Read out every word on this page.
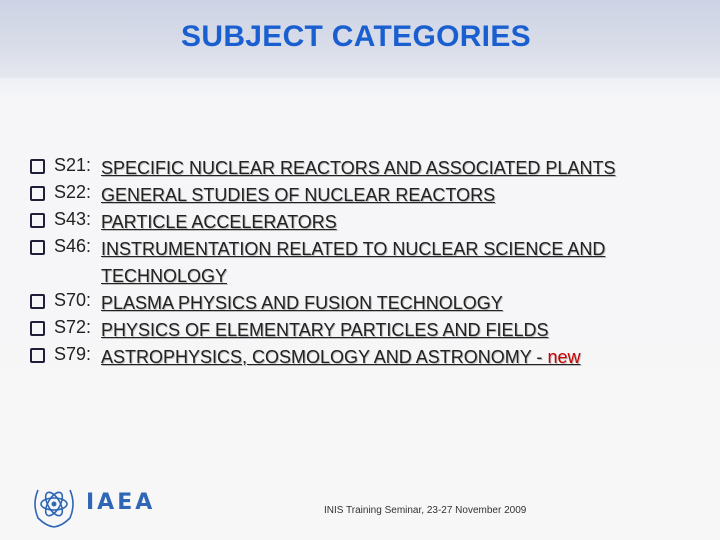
SUBJECT CATEGORIES
S21: SPECIFIC NUCLEAR REACTORS AND ASSOCIATED PLANTS
S22: GENERAL STUDIES OF NUCLEAR REACTORS
S43: PARTICLE ACCELERATORS
S46: INSTRUMENTATION RELATED TO NUCLEAR SCIENCE AND TECHNOLOGY
S70: PLASMA PHYSICS AND FUSION TECHNOLOGY
S72: PHYSICS OF ELEMENTARY PARTICLES AND FIELDS
S79: ASTROPHYSICS, COSMOLOGY AND ASTRONOMY - new
IAEA	INIS Training Seminar, 23-27 November 2009
